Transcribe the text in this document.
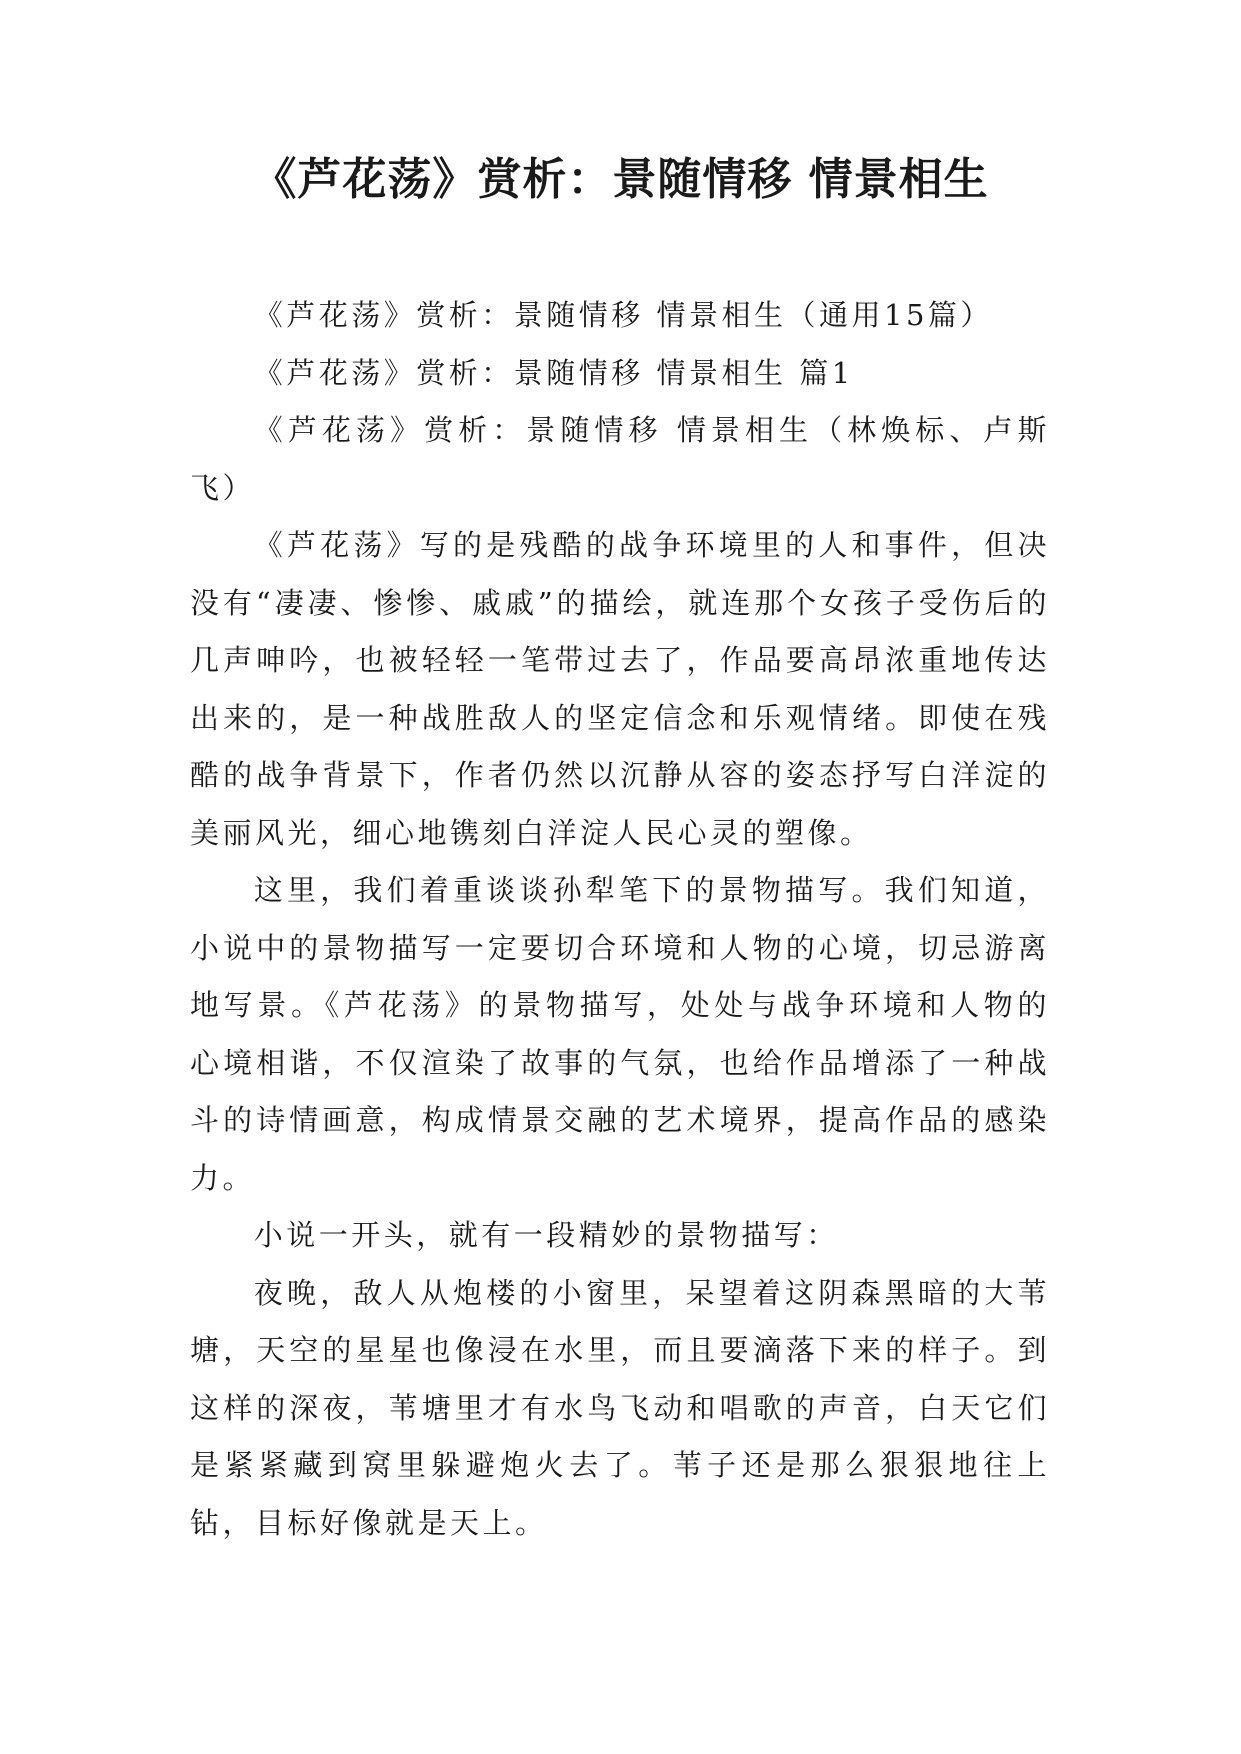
《芦花荡》赏析：景随情移 情景相生

《芦花荡》赏析：景随情移 情景相生（通用15篇）

《芦花荡》赏析：景随情移 情景相生 篇1

《芦花荡》赏析：景随情移 情景相生（林焕标、卢斯飞）

《芦花荡》写的是残酷的战争环境里的人和事件，但决没有“凄凄、惨惨、戚戚”的描绘，就连那个女孩子受伤后的几声呻吟，也被轻轻一笔带过去了，作品要高昂浓重地传达出来的，是一种战胜敌人的坚定信念和乐观情绪。即使在残酷的战争背景下，作者仍然以沉静从容的姿态抒写白洋淀的美丽风光，细心地镌刻白洋淀人民心灵的塑像。

这里，我们着重谈谈孙犁笔下的景物描写。我们知道，小说中的景物描写一定要切合环境和人物的心境，切忌游离地写景。《芦花荡》的景物描写，处处与战争环境和人物的心境相谐，不仅渲染了故事的气氛，也给作品增添了一种战斗的诗情画意，构成情景交融的艺术境界，提高作品的感染力。

小说一开头，就有一段精妙的景物描写：

夜晚，敌人从炮楼的小窗里，呆望着这阴森黑暗的大苇塘，天空的星星也像浸在水里，而且要滴落下来的样子。到这样的深夜，苇塘里才有水鸟飞动和唱歌的声音，白天它们是紧紧藏到窝里躲避炮火去了。苇子还是那么狠狠地往上钻，目标好像就是天上。
